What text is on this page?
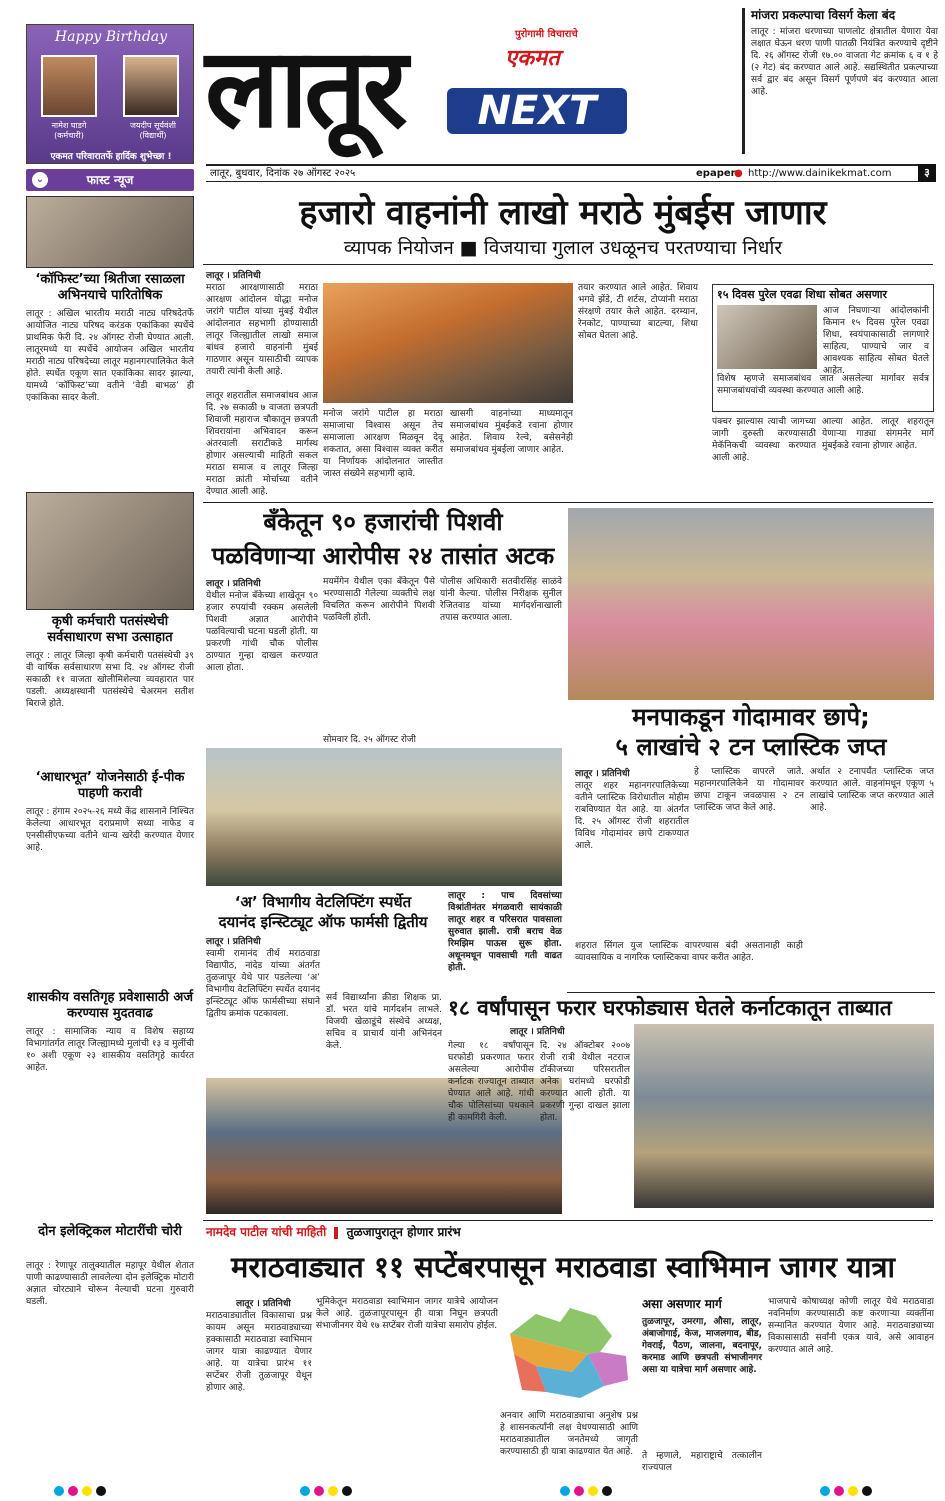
Happy Birthday
नामेश घाडगे
(कर्मचारी)
जयदीप सूर्यवंशी
(विद्यार्थी)
एकमत परिवारातर्फे हार्दिक शुभेच्छा !
⌄	फास्ट न्यूज
‘कॉफिस्ट’च्या श्रितीजा रसाळला अभिनयाचे पारितोषिक
लातूर : अखिल भारतीय मराठी नाट्य परिषदेतर्फे आयोजित नाट्य परिषद करंडक एकांकिका स्पर्धेचे प्राथमिक फेरी दि. २४ ऑगस्ट रोजी घेण्यात आली. लातूरमध्ये या स्पर्धेचे आयोजन अखिल भारतीय मराठी नाट्य परिषदेच्या लातूर महानगरपालिकेत केले होते. स्पर्धेत एकूण सात एकांकिका सादर झाल्या, यामध्ये ‘कॉफिस्ट’च्या वतीने ‘वेडी बाभळ’ ही एकांकिका सादर केली.
कृषी कर्मचारी पतसंस्थेची सर्वसाधारण सभा उत्साहात
लातूर : लातूर जिल्हा कृषी कर्मचारी पतसंस्थेची ३९ वी वार्षिक सर्वसाधारण सभा दि. २४ ऑगस्ट रोजी सकाळी ११ वाजता खोलीमिशेल्या व्यवहारात पार पडली. अध्यक्षस्थानी पतसंस्थेचे चेअरमन सतीश बिराजे होते.
‘आधारभूत’ योजनेसाठी ई-पीक पाहणी करावी
लातूर : हंगाम २०२५-२६ मध्ये केंद्र शासनाने निश्चित केलेल्या आधारभूत दराप्रमाणे सध्या नाफेड व एनसीसीएफच्या वतीने धान्य खरेदी करण्यात येणार आहे.
शासकीय वसतिगृह प्रवेशासाठी अर्ज करण्यास मुदतवाढ
लातूर : सामाजिक न्याय व विशेष सहाय्य विभागांतर्गत लातूर जिल्ह्यामध्ये मुलांची १३ व मुलींची १० अशी एकूण २३ शासकीय वसतिगृहे कार्यरत आहेत.
दोन इलेक्ट्रिकल मोटारींची चोरी
लातूर : रेणापूर तालुक्यातील महापूर येथील शेतात पाणी काढण्यासाठी लावलेल्या दोन इलेक्ट्रिक मोटारी अज्ञात चोरट्याने चोरून नेल्याची घटना गुरुवारी घडली.
लातूर	पुरोगामी विचाराचे
एकमत
NEXT
मांजरा प्रकल्पाचा विसर्ग केला बंद
लातूर : मांजरा धरणाच्या पाणलोट क्षेत्रातील येणारा येवा लक्षात घेऊन धरण पाणी पातळी नियंत्रित करण्याचे दृष्टीने दि. २६ ऑगस्ट रोजी १७.०० वाजता गेट क्रमांक ६ व १ हे (२ गेट) बंद करण्यात आले आहे. सद्यस्थितीत प्रकल्पाच्या सर्व द्वार बंद असून विसर्ग पूर्णपणे बंद करण्यात आला आहे.
लातूर, बुधवार, दिनांक २७ ऑगस्ट २०२५	epaper
● http://www.dainikekmat.com	३
हजारो वाहनांनी लाखो मराठे मुंबईस जाणार
व्यापक नियोजन ■ विजयाचा गुलाल उधळूनच परतण्याचा निर्धार
लातूर । प्रतिनिधी
मराठा आरक्षणासाठी मराठा आरक्षण आंदोलन योद्धा मनोज जरांगे पाटील यांच्या मुंबई येथील आंदोलनात सहभागी होण्यासाठी लातूर जिल्ह्यातील लाखो समाज बांधव हजारो वाहनांनी मुंबई गाठणार असून यासाठीची व्यापक तयारी त्यांनी केली आहे.
लातूर शहरातील समाजबांधव आज दि. २७ सकाळी ७ वाजता छत्रपती शिवाजी महाराज चौकातून छत्रपती शिवरायांना अभिवादन करून अंतरवाली सराटीकडे मार्गस्थ होणार असल्याची माहिती सकल मराठा समाज व लातूर जिल्हा मराठा क्रांती मोर्चाच्या वतीने देण्यात आली आहे.
मनोज जरांगे पाटील हा मराठा समाजाचा विश्वास असून तेच समाजाला आरक्षण मिळवून देवू शकतात, असा विश्वास व्यक्त करीत या निर्णायक आंदोलनात जास्तीत जास्त संख्येने सहभागी व्हावे.
खासगी वाहनांच्या माध्यमातून समाजबांधव मुंबईकडे रवाना होणार आहेत. शिवाय रेल्वे, बसेसनेही समाजबांधव मुंबईला जाणार आहेत.
तयार करण्यात आले आहेत. शिवाय भगवे झेंडे, टी शर्टस, टोप्यांनी मराठा संरक्षणे तयार केले आहेत. दरम्यान, रेनकोट, पाण्याच्या बाटल्या, शिधा सोबत घेतला आहे.
१५ दिवस पुरेल एवढा शिधा सोबत असणार
आज निघणाऱ्या आंदोलकांनी किमान १५ दिवस पुरेल एवढा शिधा, स्वयंपाकासाठी लागणारे साहित्य, पाण्याचे जार व आवश्यक साहित्य सोबत घेतले आहेत.
विशेष म्हणजे समाजबांधव जात असलेल्या मार्गावर सर्वत्र समाजबांधवांची व्यवस्था करण्यात आली आहे.
पंक्चर झाल्यास त्याची जागच्या जागी दुरुस्ती करण्यासाठी मेकॅनिकची व्यवस्था करण्यात आली आहे.
आल्या आहेत. लातूर शहरातून येणाऱ्या गाड्या संगमनेर मार्गे मुंबईकडे रवाना होणार आहेत.
बँकेतून ९० हजारांची पिशवी
पळविणाऱ्या आरोपीस २४ तासांत अटक
लातूर । प्रतिनिधी
येथील मनोज बँकेच्या शाखेतून ९० हजार रुपयांची रक्कम असलेली पिशवी अज्ञात आरोपीने पळविल्याची घटना घडली होती. या प्रकरणी गांधी चौक पोलीस ठाण्यात गुन्हा दाखल करण्यात आला होता.
मयमेंगेन येथील एका बँकेतून पैसे भरण्यासाठी गेलेल्या व्यक्तीचे लक्ष विचलित करून आरोपीने पिशवी पळविली होती.
पोलीस अधिकारी सतवीरसिंह साळवे यांनी केल्या. पोलीस निरीक्षक सुनील रेजितवाड यांच्या मार्गदर्शनाखाली तपास करण्यात आला.
सोमवार दि. २५ ऑगस्ट रोजी
मनपाकडून गोदामावर छापे;
५ लाखांचे २ टन प्लास्टिक जप्त
लातूर । प्रतिनिधी
लातूर शहर महानगरपालिकेच्या वतीने प्लास्टिक विरोधातील मोहीम राबविण्यात येत आहे. या अंतर्गत दि. २५ ऑगस्ट रोजी शहरातील विविध गोदामांवर छापे टाकण्यात आले.
हे प्लास्टिक वापरले जाते. महानगरपालिकेने या गोदामावर छापा टाकून जवळपास २ टन प्लास्टिक जप्त केले आहे.
अर्थात २ टनापर्यंत प्लास्टिक जप्त करण्यात आले. वाहनांमधून एकूण ५ लाखांचे प्लास्टिक जप्त करण्यात आले आहे.
शहरात सिंगल युज प्लास्टिक वापरण्यास बंदी असतानाही काही व्यावसायिक व नागरिक प्लास्टिकचा वापर करीत आहेत.
लातूर : पाच दिवसांच्या विश्रांतीनंतर मंगळवारी सायंकाळी लातूर शहर व परिसरात पावसाला सुरुवात झाली. रात्री बराच वेळ रिमझिम पाऊस सुरू होता. अधूनमधून पावसाची गती वाढत होती.
‘अ’ विभागीय वेटलिफ्टिंग स्पर्धेत
दयानंद इन्स्टिट्यूट ऑफ फार्मसी द्वितीय
लातूर । प्रतिनिधी
स्वामी रामानंद तीर्थ मराठवाडा विद्यापीठ, नांदेड यांच्या अंतर्गत तुळजापूर येथे पार पडलेल्या ‘अ’ विभागीय वेटलिफ्टिंग स्पर्धेत दयानंद इन्स्टिट्यूट ऑफ फार्मसीच्या संघाने द्वितीय क्रमांक पटकावला.
सर्व विद्यार्थ्यांना क्रीडा शिक्षक प्रा. डॉ. भरत यांचे मार्गदर्शन लाभले. विजयी खेळाडूंचे संस्थेचे अध्यक्ष, सचिव व प्राचार्य यांनी अभिनंदन केले.
१८ वर्षांपासून फरार घरफोड्यास घेतले कर्नाटकातून ताब्यात
लातूर । प्रतिनिधी
गेल्या १८ वर्षांपासून घरफोडी प्रकरणात फरार असलेल्या आरोपीस कर्नाटक राज्यातून ताब्यात घेण्यात आले आहे. गांधी चौक पोलिसांच्या पथकाने ही कामगिरी केली.
दि. २४ ऑक्टोबर २००७ रोजी रात्री येथील नटराज टॉकीजच्या परिसरातील अनेक घरांमध्ये घरफोडी करण्यात आली होती. या प्रकरणी गुन्हा दाखल झाला होता.
नामदेव पाटील यांची माहिती तुळजापुरातून होणार प्रारंभ
मराठवाड्यात ११ सप्टेंबरपासून मराठवाडा स्वाभिमान जागर यात्रा
लातूर । प्रतिनिधी
मराठवाड्यातील विकासाचा प्रश्न कायम असून मराठवाड्याच्या हक्कासाठी मराठवाडा स्वाभिमान जागर यात्रा काढण्यात येणार आहे. या यात्रेचा प्रारंभ ११ सप्टेंबर रोजी तुळजापूर येथून होणार आहे.
भूमिकेतून मराठवाडा स्वाभिमान जागर यात्रेचे आयोजन केले आहे. तुळजापूरपासून ही यात्रा निघून छत्रपती संभाजीनगर येथे १७ सप्टेंबर रोजी यात्रेचा समारोप होईल.
अनवार आणि मराठवाड्याचा अनुशेष प्रश्न हे शासनकर्त्यांनी लक्ष वेधण्यासाठी आणि मराठवाड्यातील जनतेमध्ये जागृती करण्यासाठी ही यात्रा काढण्यात येत आहे.
असा असणार मार्ग
तुळजापूर, उमरगा, औसा, लातूर, अंबाजोगाई, केज, माजलगाव, बीड, गेवराई, पैठण, जालना, बदनापूर, करमाड आणि छत्रपती संभाजीनगर असा या यात्रेचा मार्ग असणार आहे.
ते म्हणाले, महाराष्ट्राचे तत्कालीन राज्यपाल
भाजपाचे कोषाध्यक्ष कोणी लातूर येथे मराठवाडा नवनिर्माण करण्यासाठी कष्ट करणाऱ्या व्यक्तींना सन्मानित करण्यात येणार आहे. मराठवाड्याच्या विकासासाठी सर्वांनी एकत्र यावे, असे आवाहन करण्यात आले आहे.
